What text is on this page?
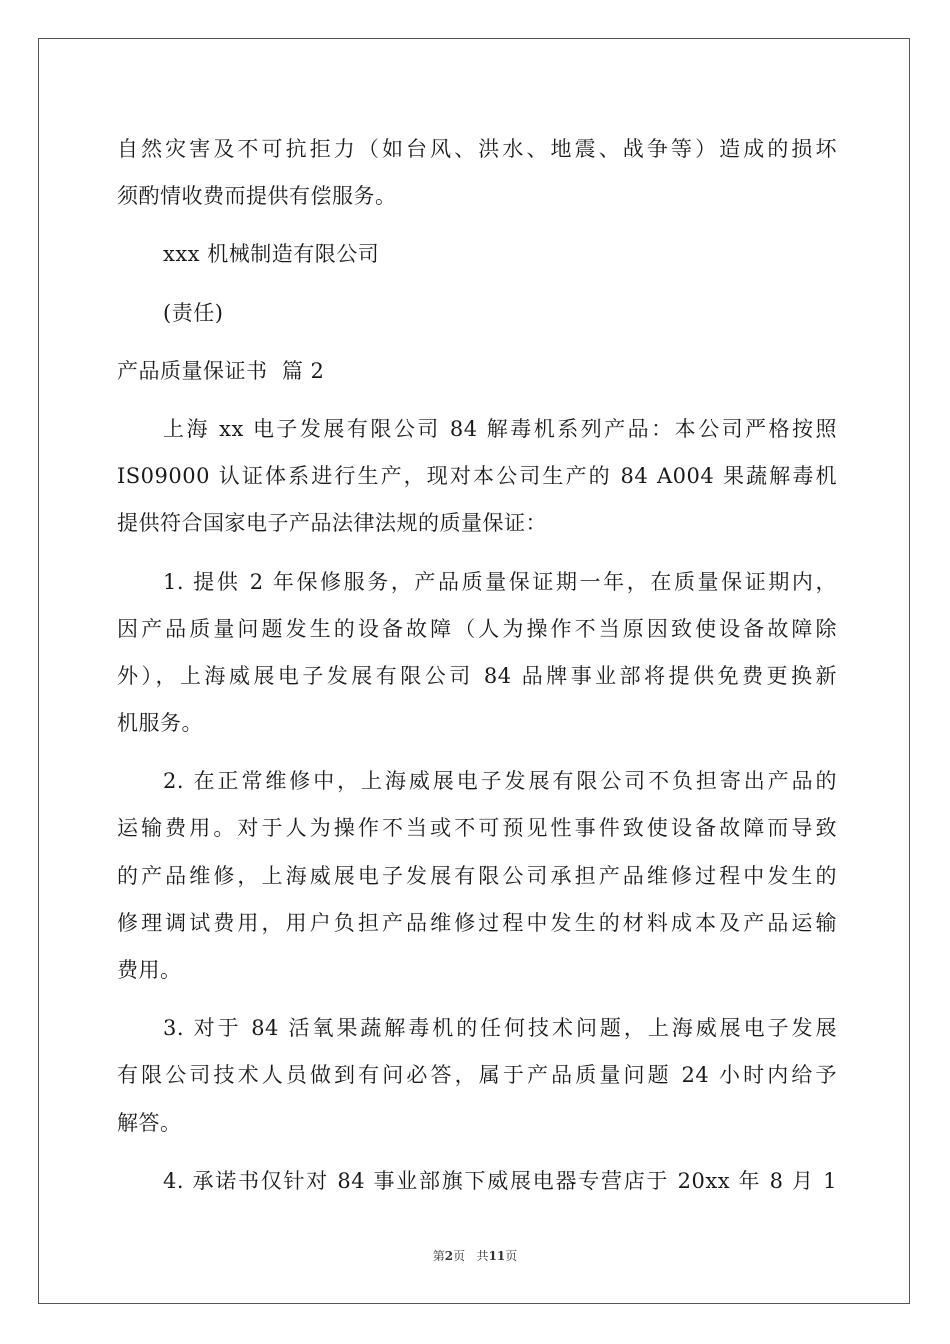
自然灾害及不可抗拒力（如台风、洪水、地震、战争等）造成的损坏
须酌情收费而提供有偿服务。
xxx 机械制造有限公司
(责任)
产品质量保证书  篇 2
上海 xx 电子发展有限公司 84 解毒机系列产品：本公司严格按照
IS09000 认证体系进行生产，现对本公司生产的 84 A004 果蔬解毒机
提供符合国家电子产品法律法规的质量保证：
1. 提供 2 年保修服务，产品质量保证期一年，在质量保证期内，
因产品质量问题发生的设备故障（人为操作不当原因致使设备故障除
外），上海威展电子发展有限公司 84 品牌事业部将提供免费更换新
机服务。
2. 在正常维修中，上海威展电子发展有限公司不负担寄出产品的
运输费用。对于人为操作不当或不可预见性事件致使设备故障而导致
的产品维修，上海威展电子发展有限公司承担产品维修过程中发生的
修理调试费用，用户负担产品维修过程中发生的材料成本及产品运输
费用。
3. 对于 84 活氧果蔬解毒机的任何技术问题，上海威展电子发展
有限公司技术人员做到有问必答，属于产品质量问题 24 小时内给予
解答。
4. 承诺书仅针对 84 事业部旗下威展电器专营店于 20xx 年 8 月 1
第2页 共11页
